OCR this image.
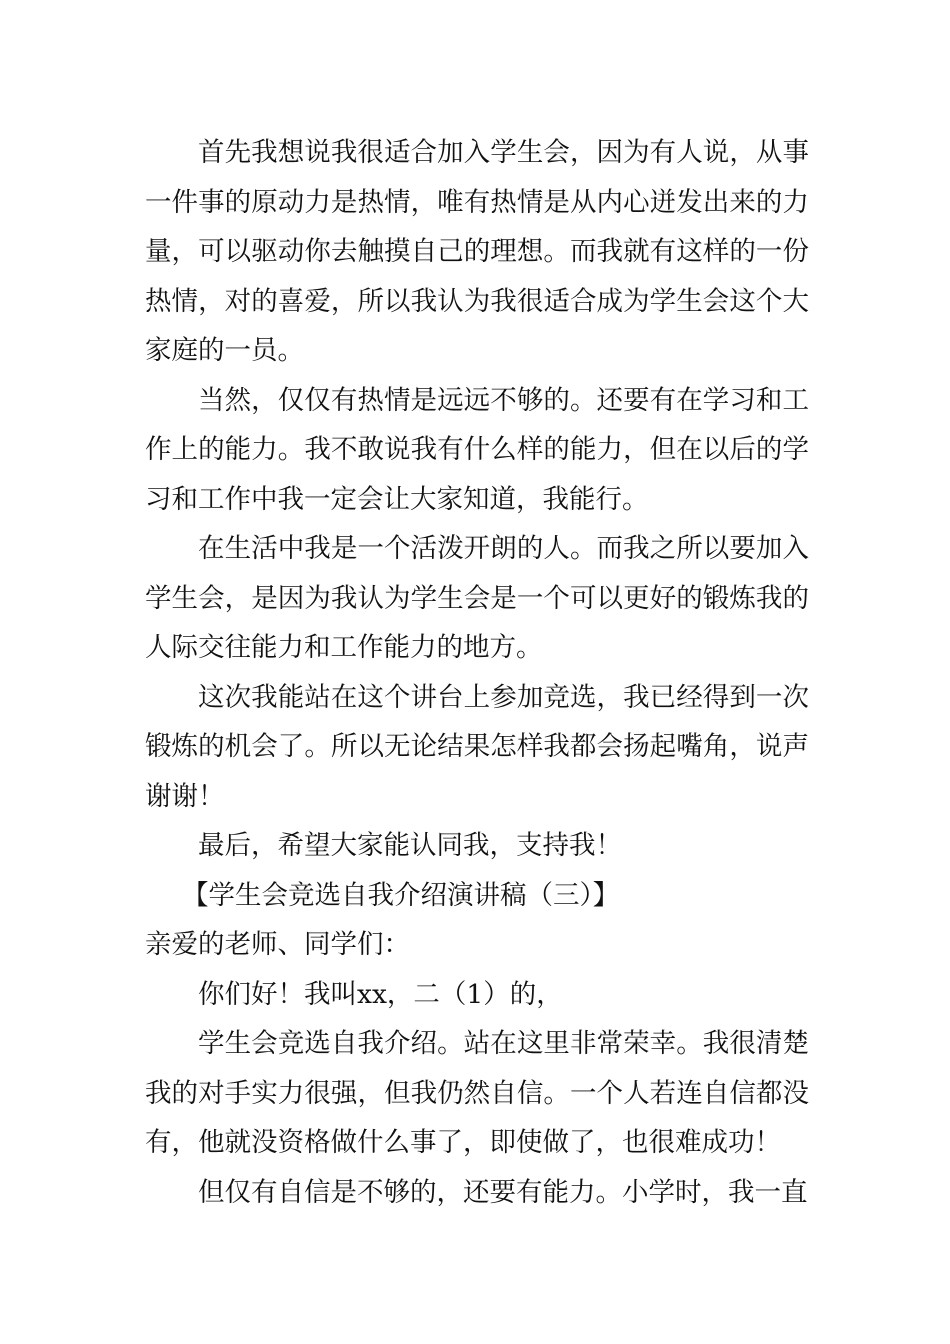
首先我想说我很适合加入学生会，因为有人说，从事一件事的原动力是热情，唯有热情是从内心迸发出来的力量，可以驱动你去触摸自己的理想。而我就有这样的一份热情，对的喜爱，所以我认为我很适合成为学生会这个大家庭的一员。

当然，仅仅有热情是远远不够的。还要有在学习和工作上的能力。我不敢说我有什么样的能力，但在以后的学习和工作中我一定会让大家知道，我能行。

在生活中我是一个活泼开朗的人。而我之所以要加入学生会，是因为我认为学生会是一个可以更好的锻炼我的人际交往能力和工作能力的地方。

这次我能站在这个讲台上参加竞选，我已经得到一次锻炼的机会了。所以无论结果怎样我都会扬起嘴角，说声谢谢！

最后，希望大家能认同我，支持我！

【学生会竞选自我介绍演讲稿（三）】

亲爱的老师、同学们：

你们好！我叫xx，二（1）的，

学生会竞选自我介绍。站在这里非常荣幸。我很清楚我的对手实力很强，但我仍然自信。一个人若连自信都没有，他就没资格做什么事了，即使做了，也很难成功！

但仅有自信是不够的，还要有能力。小学时，我一直
